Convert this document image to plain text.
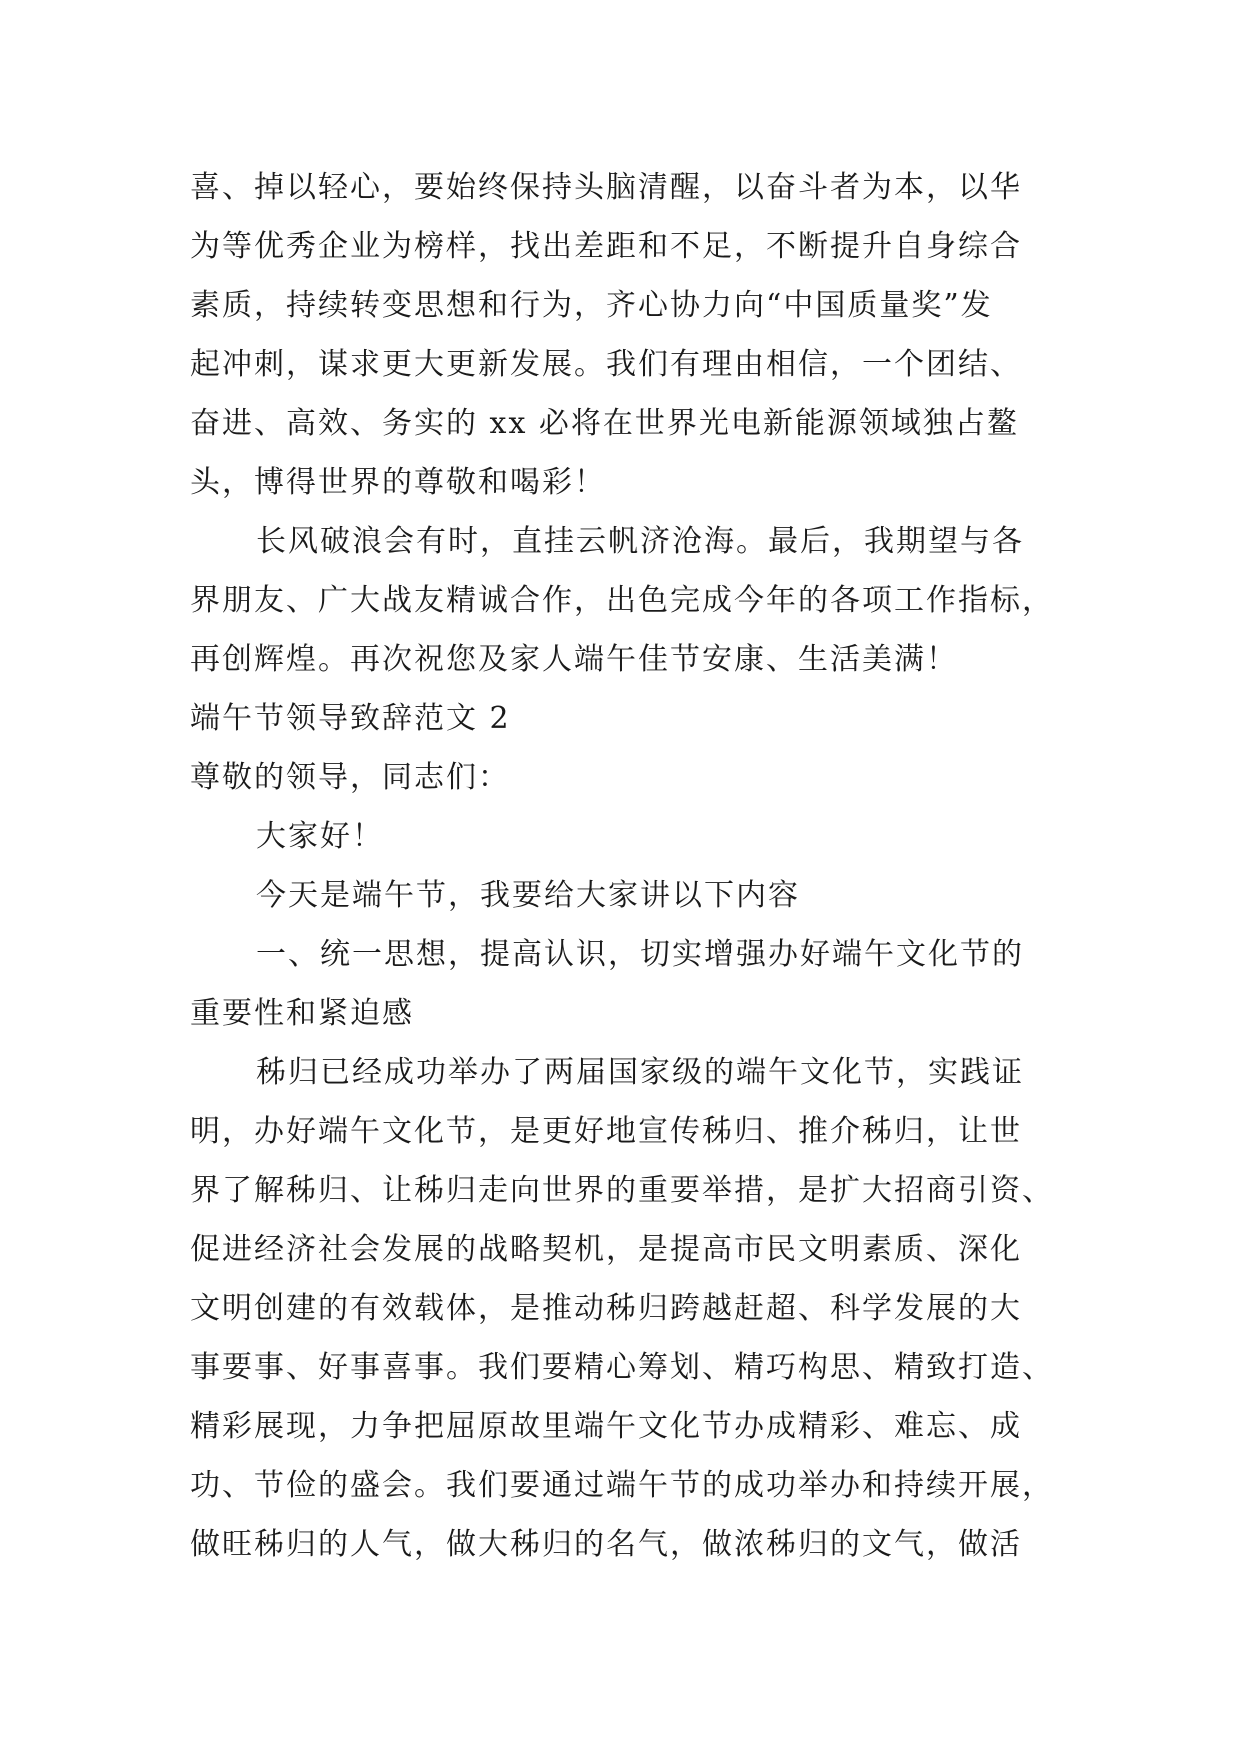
喜、掉以轻心，要始终保持头脑清醒，以奋斗者为本，以华
为等优秀企业为榜样，找出差距和不足，不断提升自身综合
素质，持续转变思想和行为，齐心协力向“中国质量奖”发
起冲刺，谋求更大更新发展。我们有理由相信，一个团结、
奋进、高效、务实的 xx 必将在世界光电新能源领域独占鳌
头，博得世界的尊敬和喝彩！
长风破浪会有时，直挂云帆济沧海。最后，我期望与各
界朋友、广大战友精诚合作，出色完成今年的各项工作指标，
再创辉煌。再次祝您及家人端午佳节安康、生活美满！
端午节领导致辞范文 2
尊敬的领导，同志们：
大家好！
今天是端午节，我要给大家讲以下内容
一、统一思想，提高认识，切实增强办好端午文化节的
重要性和紧迫感
秭归已经成功举办了两届国家级的端午文化节，实践证
明，办好端午文化节，是更好地宣传秭归、推介秭归，让世
界了解秭归、让秭归走向世界的重要举措，是扩大招商引资、
促进经济社会发展的战略契机，是提高市民文明素质、深化
文明创建的有效载体，是推动秭归跨越赶超、科学发展的大
事要事、好事喜事。我们要精心筹划、精巧构思、精致打造、
精彩展现，力争把屈原故里端午文化节办成精彩、难忘、成
功、节俭的盛会。我们要通过端午节的成功举办和持续开展，
做旺秭归的人气，做大秭归的名气，做浓秭归的文气，做活
